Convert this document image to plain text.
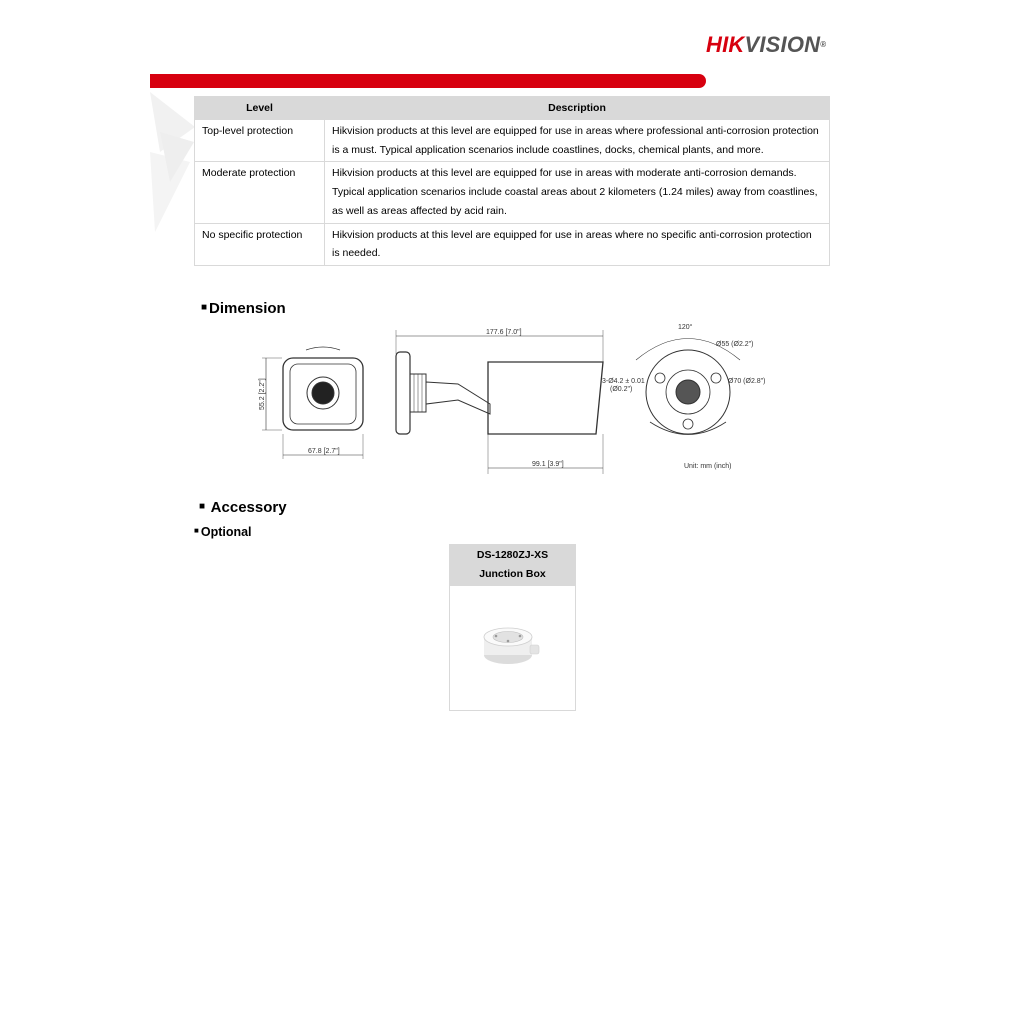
HIKVISION®
Level	Description
Top-level protection	Hikvision products at this level are equipped for use in areas where professional anti-corrosion protection is a must. Typical application scenarios include coastlines, docks, chemical plants, and more.
Moderate protection	Hikvision products at this level are equipped for use in areas with moderate anti-corrosion demands. Typical application scenarios include coastal areas about 2 kilometers (1.24 miles) away from coastlines, as well as areas affected by acid rain.
No specific protection	Hikvision products at this level are equipped for use in areas where no specific anti-corrosion protection is needed.
■ Dimension
55.2 [2.2"]
67.8 [2.7"]
177.6 [7.0"]
99.1 [3.9"]
120°
Ø55 (Ø2.2")
3-Ø4.2 ± 0.01
(Ø0.2")
Ø70 (Ø2.8")
Unit: mm (inch)
■ Accessory
■ Optional
DS-1280ZJ-XS
Junction Box
